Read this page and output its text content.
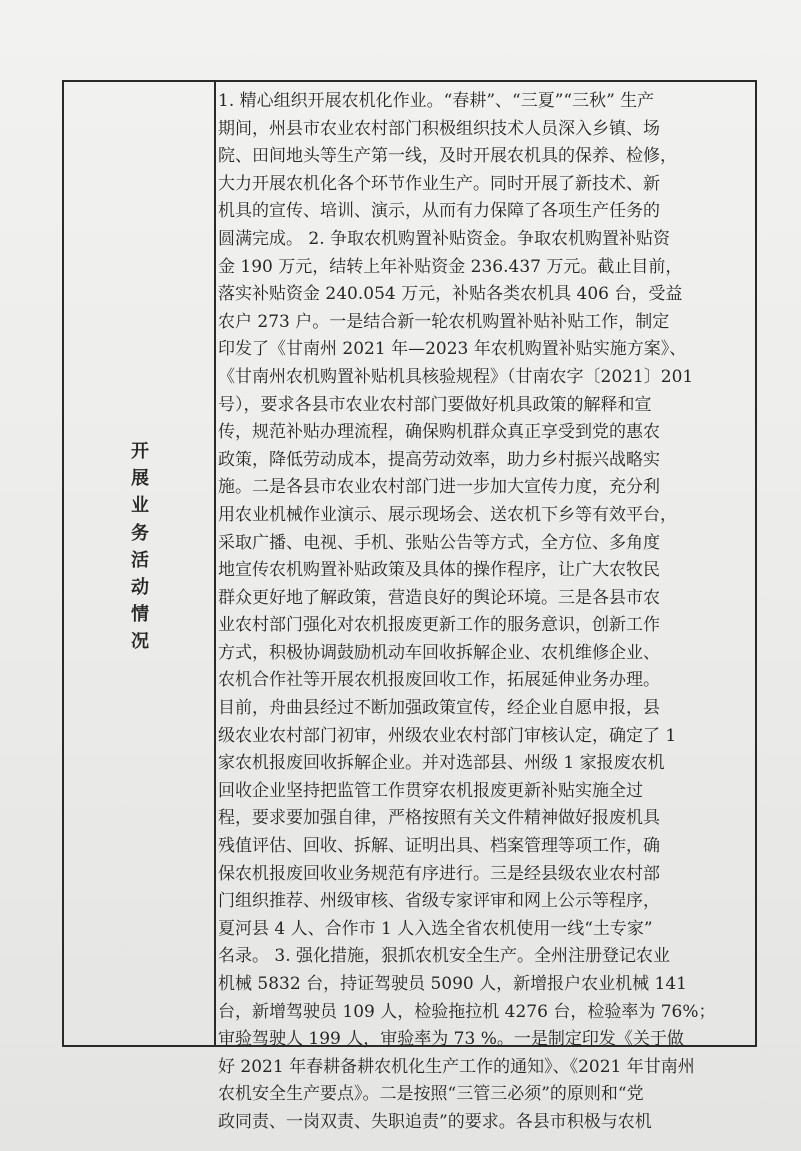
开展业务活动情况
1. 精心组织开展农机化作业。“春耕”、“三夏”“三秋” 生产
期间，州县市农业农村部门积极组织技术人员深入乡镇、场
院、田间地头等生产第一线，及时开展农机具的保养、检修，
大力开展农机化各个环节作业生产。同时开展了新技术、新
机具的宣传、培训、演示，从而有力保障了各项生产任务的
圆满完成。 2. 争取农机购置补贴资金。争取农机购置补贴资
金 190 万元，结转上年补贴资金 236.437 万元。截止目前，
落实补贴资金 240.054 万元，补贴各类农机具 406 台，受益
农户 273 户。一是结合新一轮农机购置补贴补贴工作，制定
印发了《甘南州 2021 年—2023 年农机购置补贴实施方案》、
《甘南州农机购置补贴机具核验规程》（甘南农字〔2021〕201
号），要求各县市农业农村部门要做好机具政策的解释和宣
传，规范补贴办理流程，确保购机群众真正享受到党的惠农
政策，降低劳动成本，提高劳动效率，助力乡村振兴战略实
施。二是各县市农业农村部门进一步加大宣传力度，充分利
用农业机械作业演示、展示现场会、送农机下乡等有效平台，
采取广播、电视、手机、张贴公告等方式，全方位、多角度
地宣传农机购置补贴政策及具体的操作程序，让广大农牧民
群众更好地了解政策，营造良好的舆论环境。三是各县市农
业农村部门强化对农机报废更新工作的服务意识，创新工作
方式，积极协调鼓励机动车回收拆解企业、农机维修企业、
农机合作社等开展农机报废回收工作，拓展延伸业务办理。
目前，舟曲县经过不断加强政策宣传，经企业自愿申报，县
级农业农村部门初审，州级农业农村部门审核认定，确定了 1
家农机报废回收拆解企业。并对选部县、州级 1 家报废农机
回收企业坚持把监管工作贯穿农机报废更新补贴实施全过
程，要求要加强自律，严格按照有关文件精神做好报废机具
残值评估、回收、拆解、证明出具、档案管理等项工作，确
保农机报废回收业务规范有序进行。三是经县级农业农村部
门组织推荐、州级审核、省级专家评审和网上公示等程序，
夏河县 4 人、合作市 1 人入选全省农机使用一线“土专家”
名录。 3. 强化措施，狠抓农机安全生产。全州注册登记农业
机械 5832 台，持证驾驶员 5090 人，新增报户农业机械 141
台，新增驾驶员 109 人，检验拖拉机 4276 台，检验率为 76%；
审验驾驶人 199 人，审验率为 73 %。一是制定印发《关于做
好 2021 年春耕备耕农机化生产工作的通知》、《2021 年甘南州
农机安全生产要点》。二是按照“三管三必须”的原则和“党
政同责、一岗双责、失职追责”的要求。各县市积极与农机
